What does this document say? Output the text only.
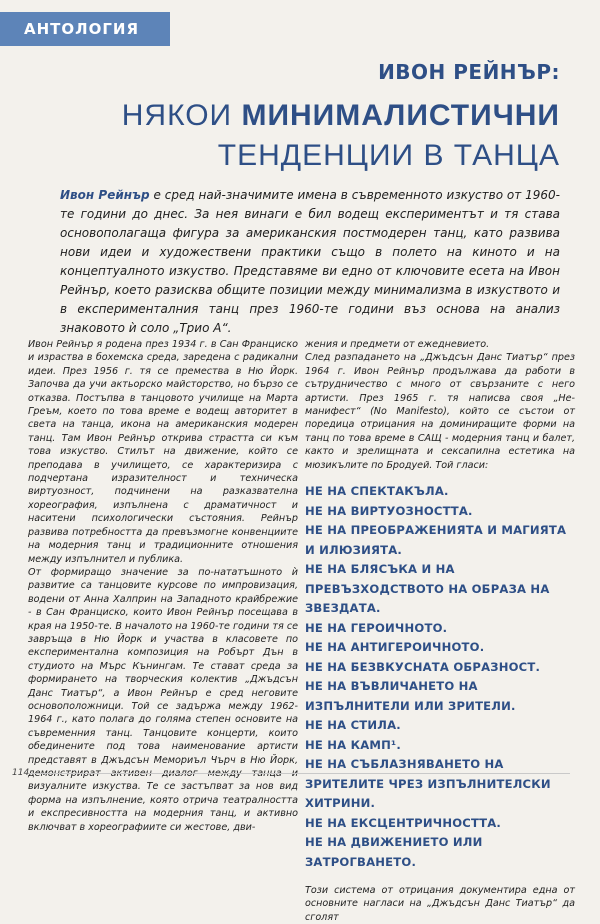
АНТОЛОГИЯ
ИВОН РЕЙНЪР:
НЯКОИ МИНИМАЛИСТИЧНИ
ТЕНДЕНЦИИ В ТАНЦА
Ивон Рейнър е сред най-значимите имена в съвременното изкуство от 1960-те години до днес. За нея винаги е бил водещ експериментът и тя става основополагаща фигура за американския постмодерен танц, като развива нови идеи и художествени практики също в полето на киното и на концептуалното изкуство. Представяме ви едно от ключовите есета на Ивон Рейнър, което разисква общите позиции между минимализма в изкуството и в експерименталния танц през 1960-те години въз основа на анализ знаковото ѝ соло „Трио А“.

Ивон Рейнър я родена през 1934 г. в Сан Франциско и израства в бохемска среда, заредена с радикални идеи. През 1956 г. тя се премества в Ню Йорк. Започва да учи актьорско майсторство, но бързо се отказва. Постъпва в танцовото училище на Марта Греъм, което по това време е водещ авторитет в света на танца, икона на американския модерен танц. Там Ивон Рейнър открива страстта си към това изкуство. Стилът на движение, който се преподава в училището, се характеризира с подчертана изразителност и техническа виртуозност, подчинени на разказвателна хореография, изпълнена с драматичност и наситени психологически състояния. Рейнър развива потребността да превъзмогне конвенциите на модерния танц и традиционните отношения между изпълнител и публика.

От формиращо значение за по-нататъшното ѝ развитие са танцовите курсове по импровизация, водени от Анна Халприн на Западното крайбрежие - в Сан Франциско, които Ивон Рейнър посещава в края на 1950-те. В началото на 1960-те години тя се завръща в Ню Йорк и участва в класовете по експериментална композиция на Робърт Дън в студиото на Мърс Кънингам. Те стават среда за формирането на творческия колектив „Джъдсън Данс Тиатър“, а Ивон Рейнър е сред неговите основоположници. Той се задържа между 1962-1964 г., като полага до голяма степен основите на съвременния танц. Танцовите концерти, които обединените под това наименование артисти представят в Джъдсън Мемориъл Чърч в Ню Йорк, демонстрират активен диалог между танца и визуалните изкуства. Те се застъпват за нов вид форма на изпълнение, която отрича театралността и експресивността на модерния танц, и активно включват в хореографиите си жестове, дви-

жения и предмети от ежедневието.

След разпадането на „Джъдсън Данс Тиатър“ през 1964 г. Ивон Рейнър продължава да работи в сътрудничество с много от свързаните с него артисти. През 1965 г. тя написва своя „Не-манифест“ (No Manifesto), който се състои от поредица отрицания на доминиращите форми на танц по това време в САЩ - модерния танц и балет, както и зрелищната и сексапилна естетика на мюзикълите по Бродуей. Той гласи:

НЕ НА СПЕКТАКЪЛА.
НЕ НА ВИРТУОЗНОСТТА.
НЕ НА ПРЕОБРАЖЕНИЯТА И МАГИЯТА И ИЛЮЗИЯТА.
НЕ НА БЛЯСЪКА И НА ПРЕВЪЗХОДСТВОТО НА ОБРАЗА НА ЗВЕЗДАТА.
НЕ НА ГЕРОИЧНОТО.
НЕ НА АНТИГЕРОИЧНОТО.
НЕ НА БЕЗВКУСНАТА ОБРАЗНОСТ.
НЕ НА ВЪВЛИЧАНЕТО НА ИЗПЪЛНИТЕЛИ ИЛИ ЗРИТЕЛИ.
НЕ НА СТИЛА.
НЕ НА КАМП¹.
НЕ НА СЪБЛАЗНЯВАНЕТО НА ЗРИТЕЛИТЕ ЧРЕЗ ИЗПЪЛНИТЕЛСКИ ХИТРИНИ.
НЕ НА ЕКСЦЕНТРИЧНОСТТА.
НЕ НА ДВИЖЕНИЕТО ИЛИ ЗАТРОГВАНЕТО.

Този система от отрицания документира една от основните нагласи на „Джъдсън Данс Тиатър“ да сголят

114
